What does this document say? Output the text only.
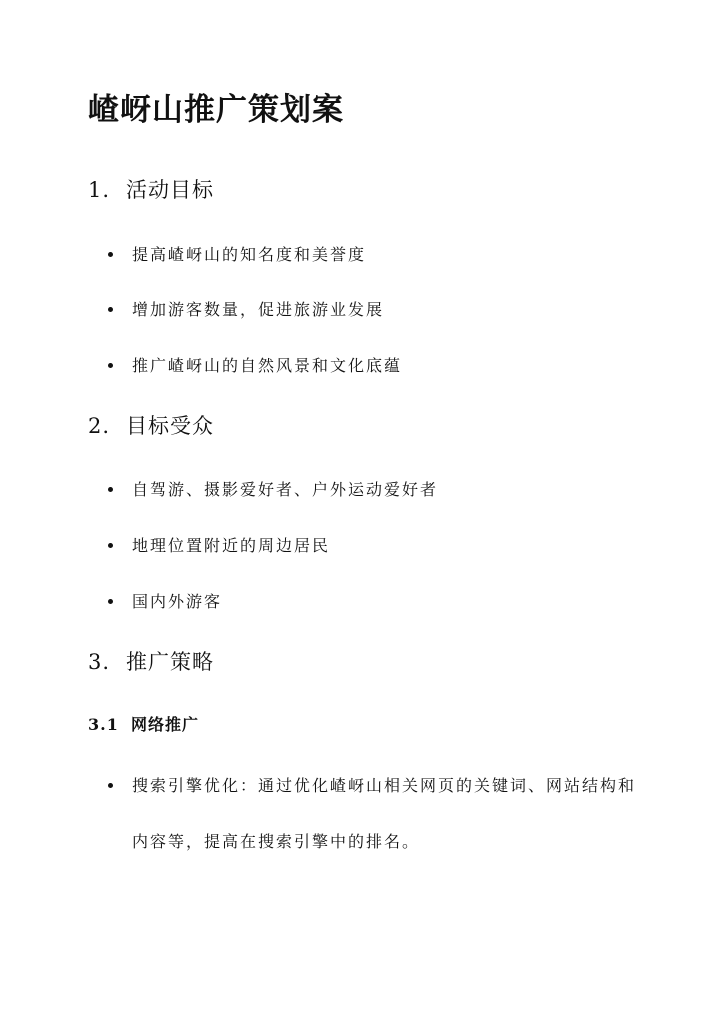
嵖岈山推广策划案
1. 活动目标
提高嵖岈山的知名度和美誉度
增加游客数量，促进旅游业发展
推广嵖岈山的自然风景和文化底蕴
2. 目标受众
自驾游、摄影爱好者、户外运动爱好者
地理位置附近的周边居民
国内外游客
3. 推广策略
3.1 网络推广
搜索引擎优化：通过优化嵖岈山相关网页的关键词、网站结构和内容等，提高在搜索引擎中的排名。
